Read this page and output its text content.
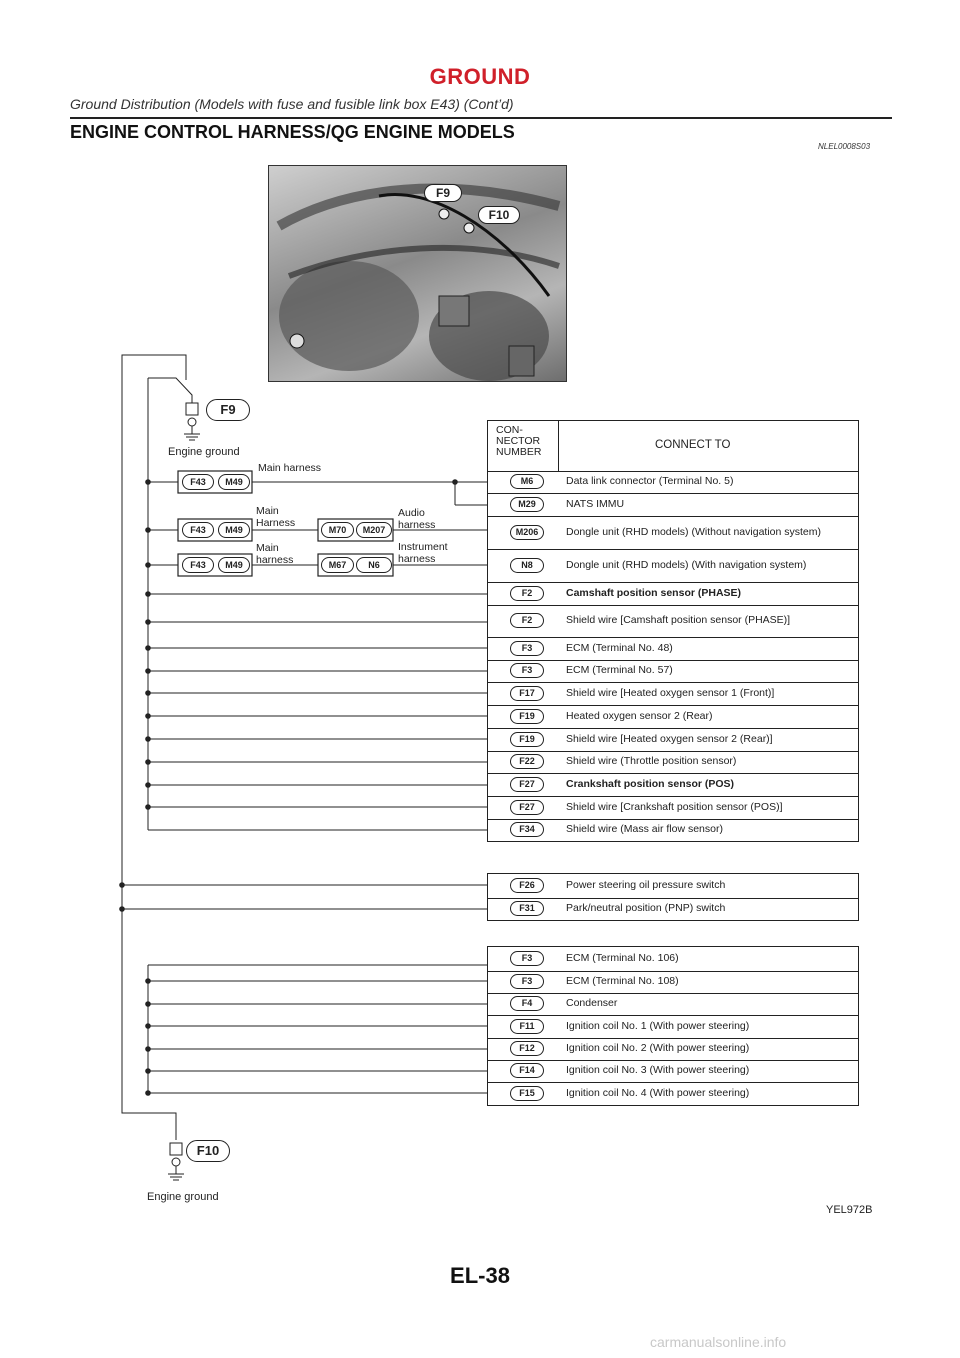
GROUND
Ground Distribution (Models with fuse and fusible link box E43) (Cont’d)
ENGINE CONTROL HARNESS/QG ENGINE MODELS
NLEL0008S03
F9
F10
F9
Engine ground
F10
Engine ground
F43	M49
F43	M49
F43	M49
M70	M207
M67	N6
Main harness
Main
Harness
Main
harness
Audio
harness
Instrument
harness
CON-
NECTOR
NUMBER
CONNECT TO
M6	Data link connector (Terminal No. 5)
M29	NATS IMMU
M206	Dongle unit (RHD models) (Without navigation system)
N8	Dongle unit (RHD models) (With navigation system)
F2	Camshaft position sensor (PHASE)
F2	Shield wire [Camshaft position sensor (PHASE)]
F3	ECM (Terminal No. 48)
F3	ECM (Terminal No. 57)
F17	Shield wire [Heated oxygen sensor 1 (Front)]
F19	Heated oxygen sensor 2 (Rear)
F19	Shield wire [Heated oxygen sensor 2 (Rear)]
F22	Shield wire (Throttle position sensor)
F27	Crankshaft position sensor (POS)
F27	Shield wire [Crankshaft position sensor (POS)]
F34	Shield wire (Mass air flow sensor)
F26	Power steering oil pressure switch
F31	Park/neutral position (PNP) switch
F3	ECM (Terminal No. 106)
F3	ECM (Terminal No. 108)
F4	Condenser
F11	Ignition coil No. 1 (With power steering)
F12	Ignition coil No. 2 (With power steering)
F14	Ignition coil No. 3 (With power steering)
F15	Ignition coil No. 4 (With power steering)
YEL972B
EL-38
carmanualsonline.info
